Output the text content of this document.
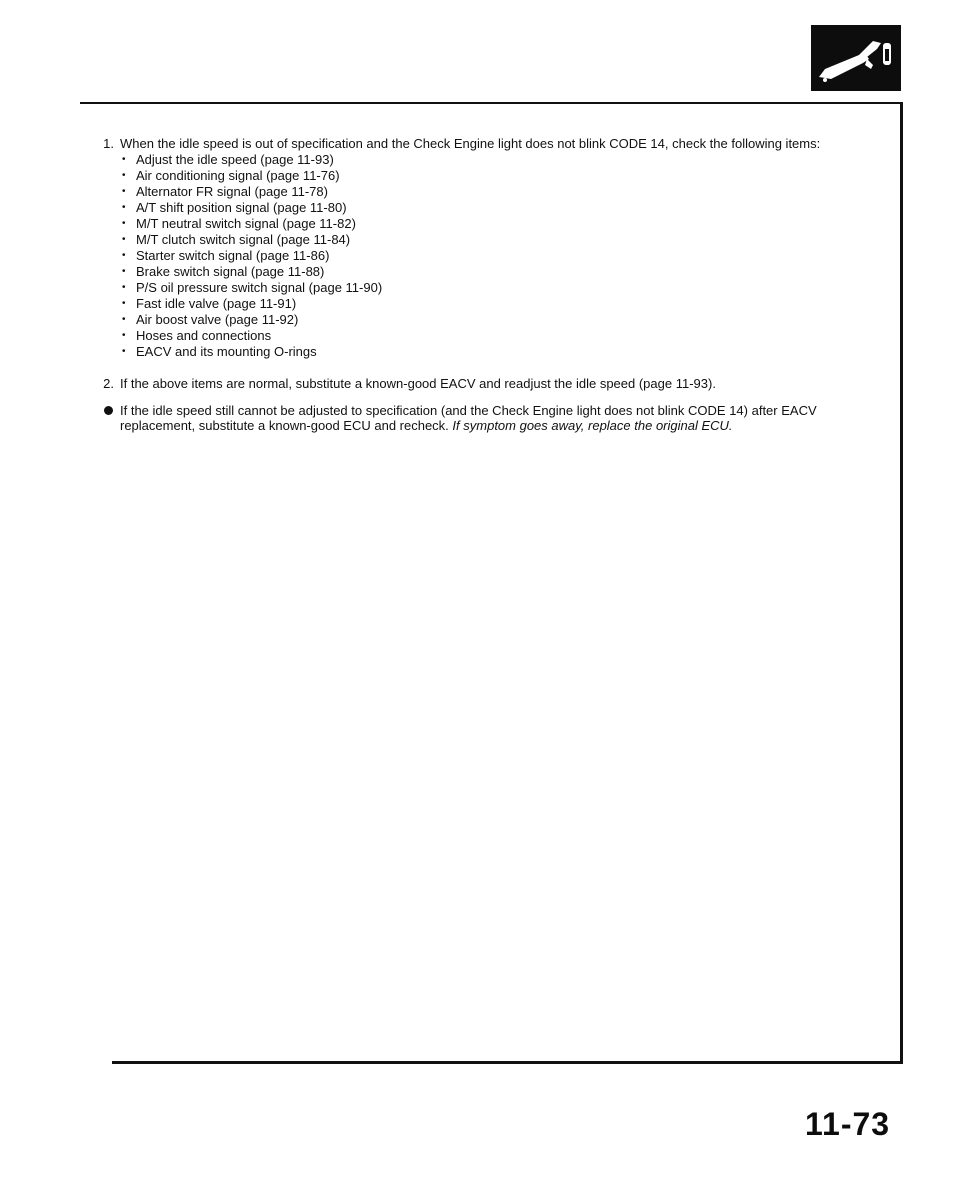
1. When the idle speed is out of specification and the Check Engine light does not blink CODE 14, check the following items:
• Adjust the idle speed (page 11-93)
• Air conditioning signal (page 11-76)
• Alternator FR signal (page 11-78)
• A/T shift position signal (page 11-80)
• M/T neutral switch signal (page 11-82)
• M/T clutch switch signal (page 11-84)
• Starter switch signal (page 11-86)
• Brake switch signal (page 11-88)
• P/S oil pressure switch signal (page 11-90)
• Fast idle valve (page 11-91)
• Air boost valve (page 11-92)
• Hoses and connections
• EACV and its mounting O-rings
2. If the above items are normal, substitute a known-good EACV and readjust the idle speed (page 11-93).
If the idle speed still cannot be adjusted to specification (and the Check Engine light does not blink CODE 14) after EACV replacement, substitute a known-good ECU and recheck. If symptom goes away, replace the original ECU.
11-73
